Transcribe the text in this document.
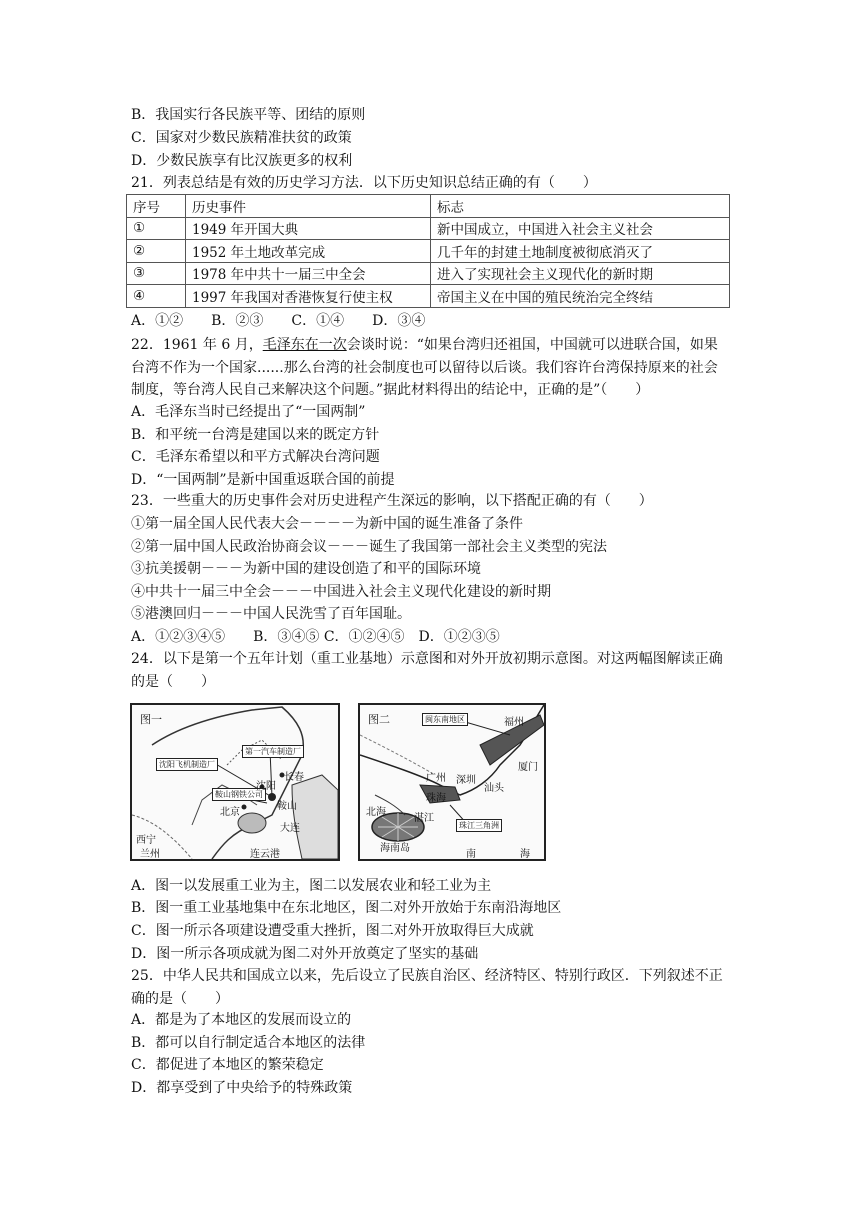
B．我国实行各民族平等、团结的原则
C．国家对少数民族精准扶贫的政策
D．少数民族享有比汉族更多的权利
21．列表总结是有效的历史学习方法．以下历史知识总结正确的有（　　）
序号	历史事件	标志
①	1949 年开国大典	新中国成立，中国进入社会主义社会
②	1952 年土地改革完成	几千年的封建土地制度被彻底消灭了
③	1978 年中共十一届三中全会	进入了实现社会主义现代化的新时期
④	1997 年我国对香港恢复行使主权	帝国主义在中国的殖民统治完全终结
A．①②　　B．②③　　C．①④　　D．③④
22．1961 年 6 月，毛泽东在一次会谈时说：“如果台湾归还祖国，中国就可以进联合国，如果台湾不作为一个国家......那么台湾的社会制度也可以留待以后谈。我们容许台湾保持原来的社会制度，等台湾人民自己来解决这个问题。”据此材料得出的结论中，正确的是”（　　）
A．毛泽东当时已经提出了“一国两制”
B．和平统一台湾是建国以来的既定方针
C．毛泽东希望以和平方式解决台湾问题
D．“一国两制”是新中国重返联合国的前提
23．一些重大的历史事件会对历史进程产生深远的影响，以下搭配正确的有（　　）
①第一届全国人民代表大会－－－－为新中国的诞生准备了条件
②第一届中国人民政治协商会议－－－诞生了我国第一部社会主义类型的宪法
③抗美援朝－－－为新中国的建设创造了和平的国际环境
④中共十一届三中全会－－－中国进入社会主义现代化建设的新时期
⑤港澳回归－－－中国人民洗雪了百年国耻。
A．①②③④⑤　　B．③④⑤ C．①②④⑤　D．①②③⑤
24．以下是第一个五年计划（重工业基地）示意图和对外开放初期示意图。对这两幅图解读正确的是（　　）
图一
第一汽车制造厂
沈阳飞机制造厂
鞍山钢铁公司
长春
沈阳
鞍山
北京
大连
连云港
西宁
兰州
图二	闽东南地区
珠江三角洲
福州
厦门
汕头
广州 深圳
珠海
北海
湛江
海南岛
南	海
A．图一以发展重工业为主，图二以发展农业和轻工业为主
B．图一重工业基地集中在东北地区，图二对外开放始于东南沿海地区
C．图一所示各项建设遭受重大挫折，图二对外开放取得巨大成就
D．图一所示各项成就为图二对外开放奠定了坚实的基础
25．中华人民共和国成立以来，先后设立了民族自治区、经济特区、特别行政区．下列叙述不正确的是（　　）
A．都是为了本地区的发展而设立的
B．都可以自行制定适合本地区的法律
C．都促进了本地区的繁荣稳定
D．都享受到了中央给予的特殊政策
